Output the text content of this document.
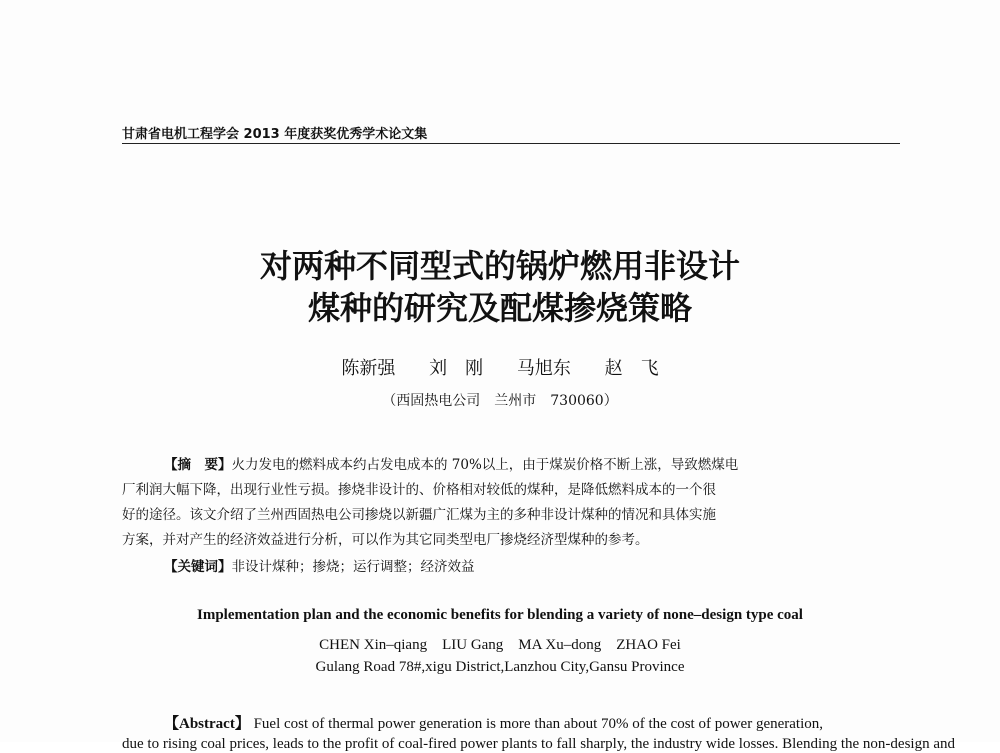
甘肃省电机工程学会 2013 年度获奖优秀学术论文集
对两种不同型式的锅炉燃用非设计
煤种的研究及配煤掺烧策略
陈新强 刘　刚 马旭东 赵　飞
（西固热电公司　兰州市　730060）
【摘　要】火力发电的燃料成本约占发电成本的 70%以上，由于煤炭价格不断上涨，导致燃煤电
厂利润大幅下降，出现行业性亏损。掺烧非设计的、价格相对较低的煤种，是降低燃料成本的一个很
好的途径。该文介绍了兰州西固热电公司掺烧以新疆广汇煤为主的多种非设计煤种的情况和具体实施
方案，并对产生的经济效益进行分析，可以作为其它同类型电厂掺烧经济型煤种的参考。
【关键词】非设计煤种；掺烧；运行调整；经济效益
Implementation plan and the economic benefits for blending a variety of none–design type coal
CHEN Xin–qiang　LIU Gang　MA Xu–dong　ZHAO Fei
Gulang Road 78#,xigu District,Lanzhou City,Gansu Province
【Abstract】 Fuel cost of thermal power generation is more than about 70% of the cost of power generation,
due to rising coal prices, leads to the profit of coal-fired power plants to fall sharply, the industry wide losses. Blending the non-design and
